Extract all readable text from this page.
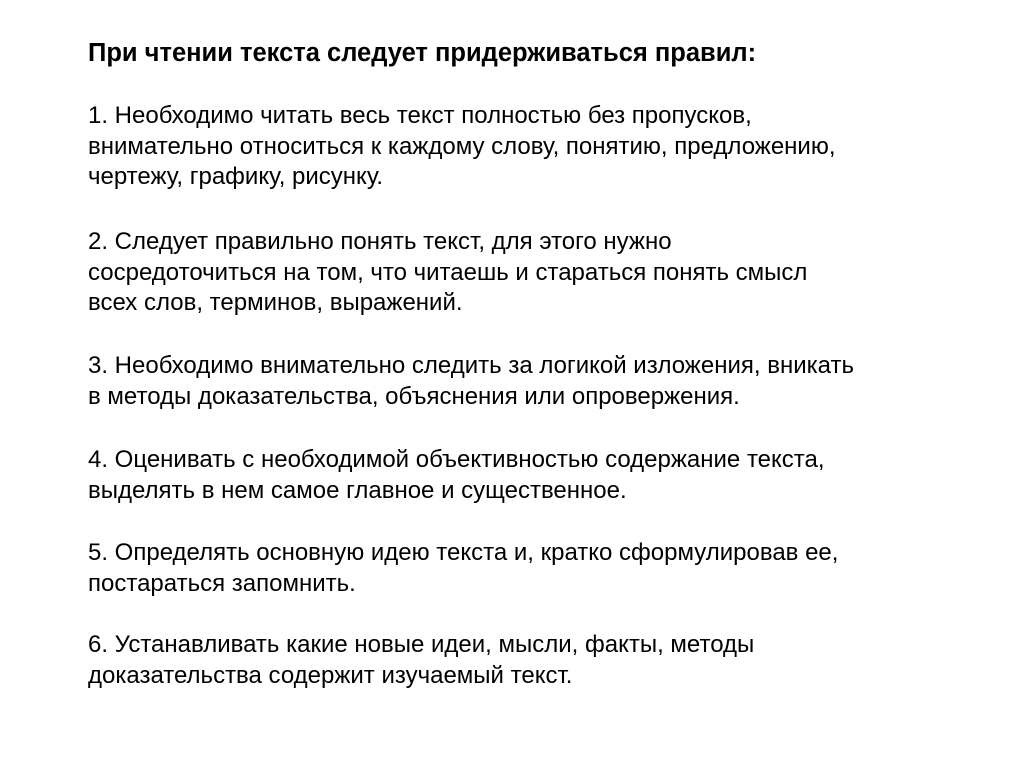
При чтении текста следует придерживаться правил:
1. Необходимо читать весь текст полностью без пропусков,
внимательно относиться к каждому слову, понятию, предложению,
чертежу, графику, рисунку.
2. Следует правильно понять текст, для этого нужно
сосредоточиться на том, что читаешь и стараться понять смысл
всех слов, терминов, выражений.
3. Необходимо внимательно следить за логикой изложения, вникать
в методы доказательства, объяснения или опровержения.
4. Оценивать с необходимой объективностью содержание текста,
выделять в нем самое главное и существенное.
5. Определять основную идею текста и, кратко сформулировав ее,
постараться запомнить.
6. Устанавливать какие новые идеи, мысли, факты, методы
доказательства содержит изучаемый текст.
